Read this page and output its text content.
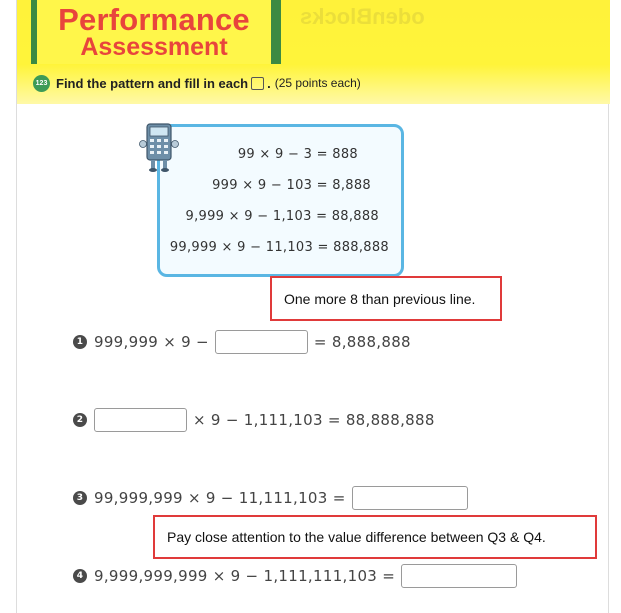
Performance
Assessment
odenBlocks
123 Find the pattern and fill in each . (25 points each)
99 × 9 − 3 = 888
999 × 9 − 103 = 8,888
9,999 × 9 − 1,103 = 88,888
99,999 × 9 − 11,103 = 888,888
One more 8 than previous line.
1 999,999 × 9 −	= 8,888,888
2	× 9 − 1,111,103 = 88,888,888
3 99,999,999 × 9 − 11,111,103 =
Pay close attention to the value difference between Q3 & Q4.
4 9,999,999,999 × 9 − 1,111,111,103 =
